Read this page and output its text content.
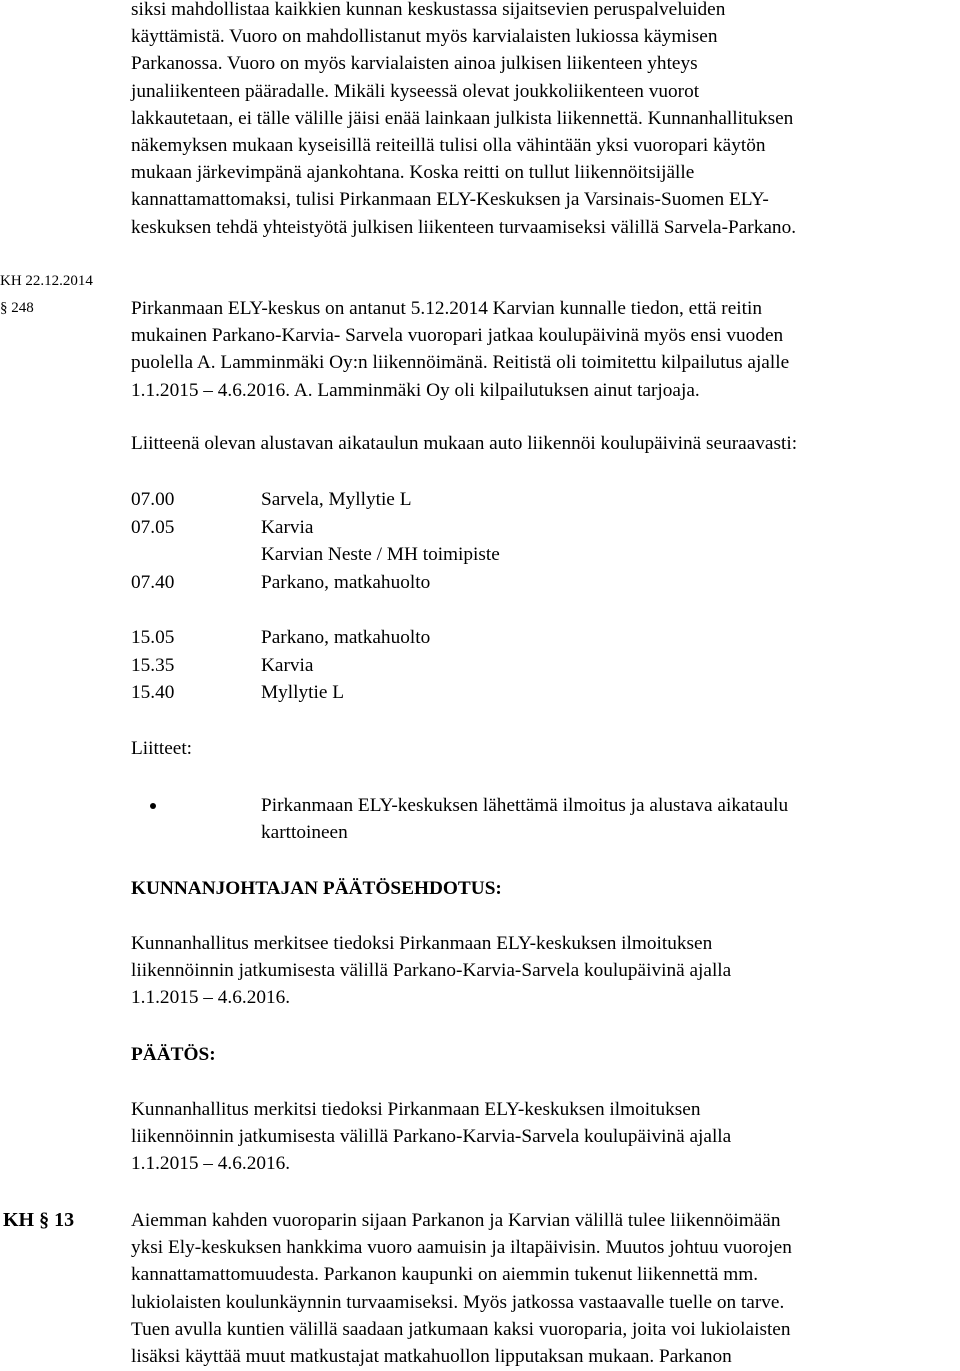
siksi mahdollistaa kaikkien kunnan keskustassa sijaitsevien peruspalveluiden
käyttämistä. Vuoro on mahdollistanut myös karvialaisten lukiossa käymisen
Parkanossa. Vuoro on myös karvialaisten ainoa julkisen liikenteen yhteys
junaliikenteen pääradalle. Mikäli kyseessä olevat joukkoliikenteen vuorot
lakkautetaan, ei tälle välille jäisi enää lainkaan julkista liikennettä. Kunnanhallituksen
näkemyksen mukaan kyseisillä reiteillä tulisi olla vähintään yksi vuoropari käytön
mukaan järkevimpänä ajankohtana. Koska reitti on tullut liikennöitsijälle
kannattamattomaksi, tulisi Pirkanmaan ELY-Keskuksen ja Varsinais-Suomen ELY-
keskuksen tehdä yhteistyötä julkisen liikenteen turvaamiseksi välillä Sarvela-Parkano.
KH 22.12.2014
§ 248	Pirkanmaan ELY-keskus on antanut 5.12.2014 Karvian kunnalle tiedon, että reitin
mukainen Parkano-Karvia- Sarvela vuoropari jatkaa koulupäivinä myös ensi vuoden
puolella A. Lamminmäki Oy:n liikennöimänä. Reitistä oli toimitettu kilpailutus ajalle
1.1.2015 – 4.6.2016. A. Lamminmäki Oy oli kilpailutuksen ainut tarjoaja.
Liitteenä olevan alustavan aikataulun mukaan auto liikennöi koulupäivinä seuraavasti:
07.00	Sarvela, Myllytie L
07.05	Karvia
Karvian Neste / MH toimipiste
07.40	Parkano, matkahuolto
15.05	Parkano, matkahuolto
15.35	Karvia
15.40	Myllytie L
Liitteet:
Pirkanmaan ELY-keskuksen lähettämä ilmoitus ja alustava aikataulu
karttoineen
KUNNANJOHTAJAN PÄÄTÖSEHDOTUS:
Kunnanhallitus merkitsee tiedoksi Pirkanmaan ELY-keskuksen ilmoituksen
liikennöinnin jatkumisesta välillä Parkano-Karvia-Sarvela koulupäivinä ajalla
1.1.2015 – 4.6.2016.
PÄÄTÖS:
Kunnanhallitus merkitsi tiedoksi Pirkanmaan ELY-keskuksen ilmoituksen
liikennöinnin jatkumisesta välillä Parkano-Karvia-Sarvela koulupäivinä ajalla
1.1.2015 – 4.6.2016.
KH § 13	Aiemman kahden vuoroparin sijaan Parkanon ja Karvian välillä tulee liikennöimään
yksi Ely-keskuksen hankkima vuoro aamuisin ja iltapäivisin. Muutos johtuu vuorojen
kannattamattomuudesta. Parkanon kaupunki on aiemmin tukenut liikennettä mm.
lukiolaisten koulunkäynnin turvaamiseksi. Myös jatkossa vastaavalle tuelle on tarve.
Tuen avulla kuntien välillä saadaan jatkumaan kaksi vuoroparia, joita voi lukiolaisten
lisäksi käyttää muut matkustajat matkahuollon lipputaksan mukaan. Parkanon
